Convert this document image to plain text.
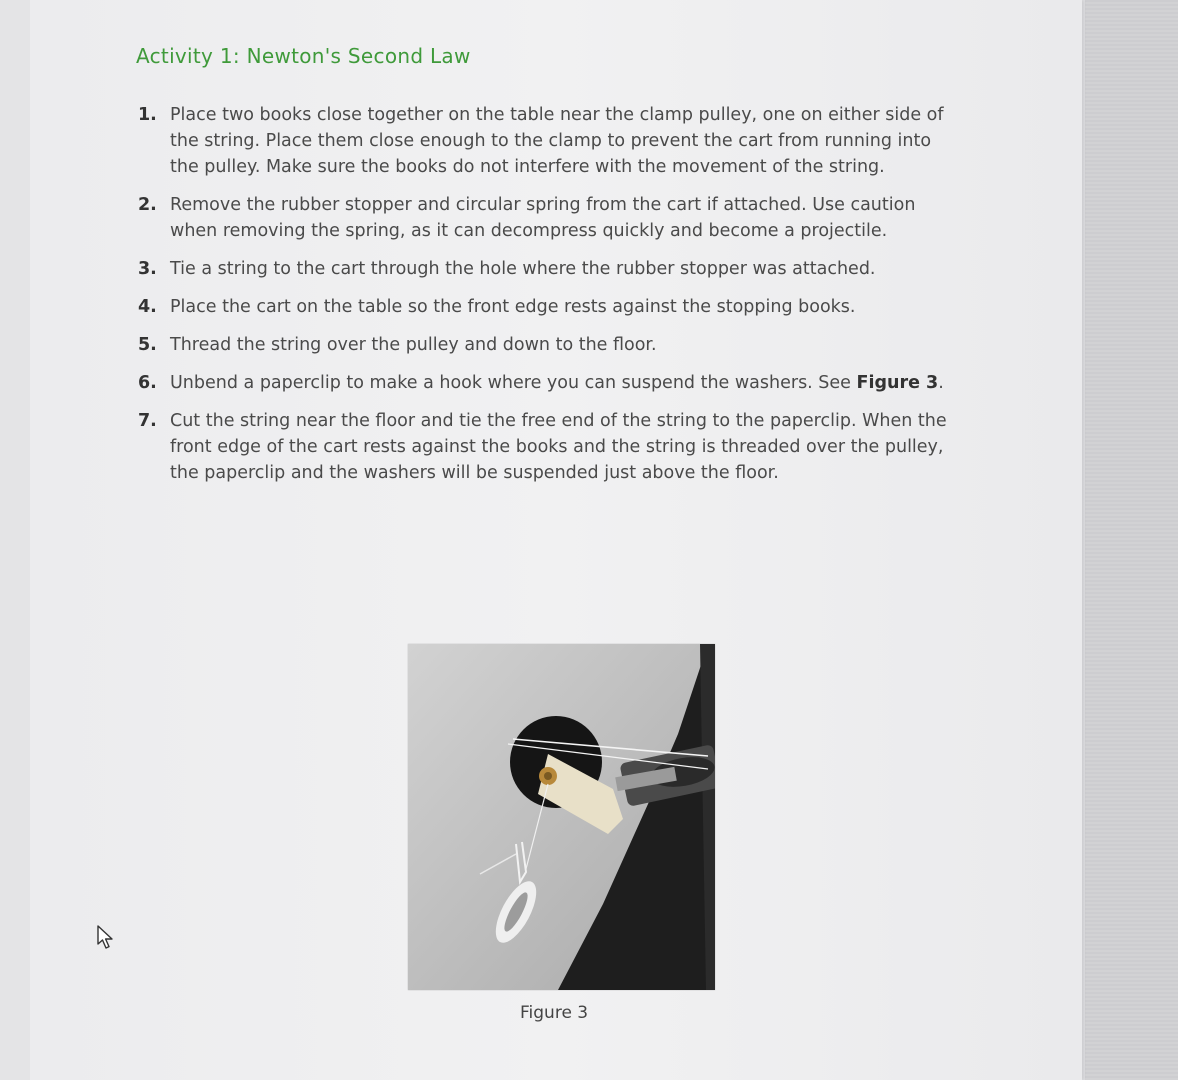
Activity 1: Newton's Second Law
1. Place two books close together on the table near the clamp pulley, one on either side of the string. Place them close enough to the clamp to prevent the cart from running into the pulley. Make sure the books do not interfere with the movement of the string.
2. Remove the rubber stopper and circular spring from the cart if attached. Use caution when removing the spring, as it can decompress quickly and become a projectile.
3. Tie a string to the cart through the hole where the rubber stopper was attached.
4. Place the cart on the table so the front edge rests against the stopping books.
5. Thread the string over the pulley and down to the floor.
6. Unbend a paperclip to make a hook where you can suspend the washers. See Figure 3.
7. Cut the string near the floor and tie the free end of the string to the paperclip. When the front edge of the cart rests against the books and the string is threaded over the pulley, the paperclip and the washers will be suspended just above the floor.
Figure 3
